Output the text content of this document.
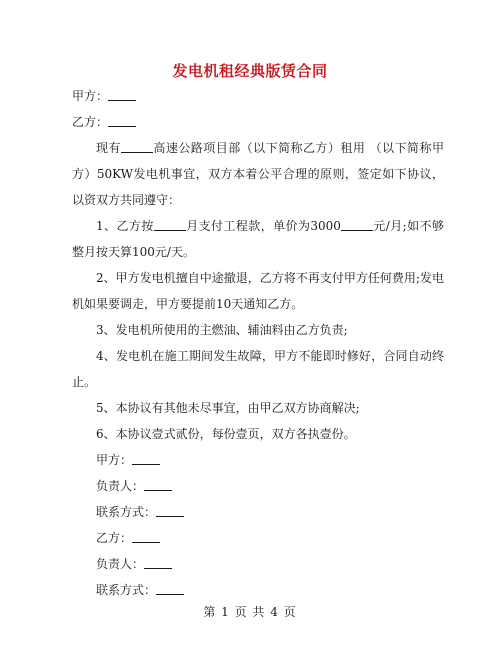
发电机租经典版赁合同
甲方：
乙方：

现有	高速公路项目部（以下简称乙方）租用 （以下简称甲方）50KW发电机事宜，双方本着公平合理的原则，签定如下协议，以资双方共同遵守：

1、乙方按	月支付工程款，单价为3000	元/月;如不够整月按天算100元/天。

2、甲方发电机擅自中途撤退，乙方将不再支付甲方任何费用;发电机如果要调走，甲方要提前10天通知乙方。

3、发电机所使用的主燃油、辅油料由乙方负责;

4、发电机在施工期间发生故障，甲方不能即时修好，合同自动终止。

5、本协议有其他未尽事宜，由甲乙双方协商解决;

6、本协议壹式贰份，每份壹页，双方各执壹份。

甲方：
负责人：
联系方式：
乙方：
负责人：
联系方式：
第 1 页 共 4 页
